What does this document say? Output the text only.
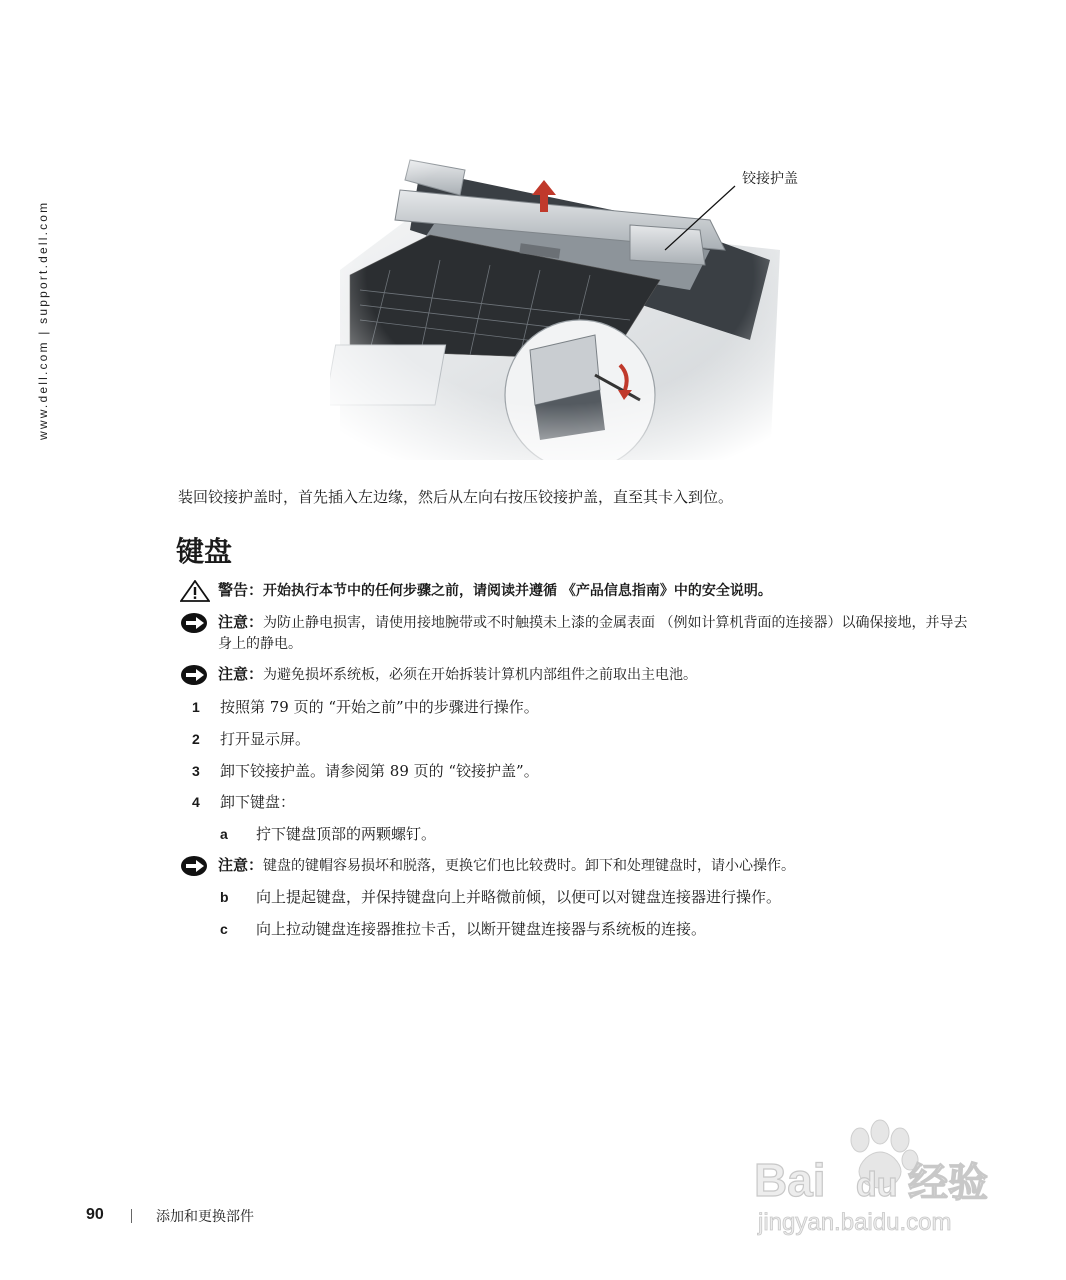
www.dell.com | support.dell.com
铰接护盖
装回铰接护盖时，首先插入左边缘，然后从左向右按压铰接护盖，直至其卡入到位。
键盘
警告：开始执行本节中的任何步骤之前，请阅读并遵循 《产品信息指南》中的安全说明。
注意：为防止静电损害，请使用接地腕带或不时触摸未上漆的金属表面 （例如计算机背面的连接器）以确保接地，并导去身上的静电。
注意：为避免损坏系统板，必须在开始拆装计算机内部组件之前取出主电池。
1	按照第 79 页的 “开始之前”中的步骤进行操作。
2	打开显示屏。
3	卸下铰接护盖。请参阅第 89 页的 “铰接护盖”。
4	卸下键盘：
a	拧下键盘顶部的两颗螺钉。
注意：键盘的键帽容易损坏和脱落，更换它们也比较费时。卸下和处理键盘时，请小心操作。
b	向上提起键盘，并保持键盘向上并略微前倾，以便可以对键盘连接器进行操作。
c	向上拉动键盘连接器推拉卡舌，以断开键盘连接器与系统板的连接。
90	添加和更换部件
Bai du 经验
jingyan.baidu.com
